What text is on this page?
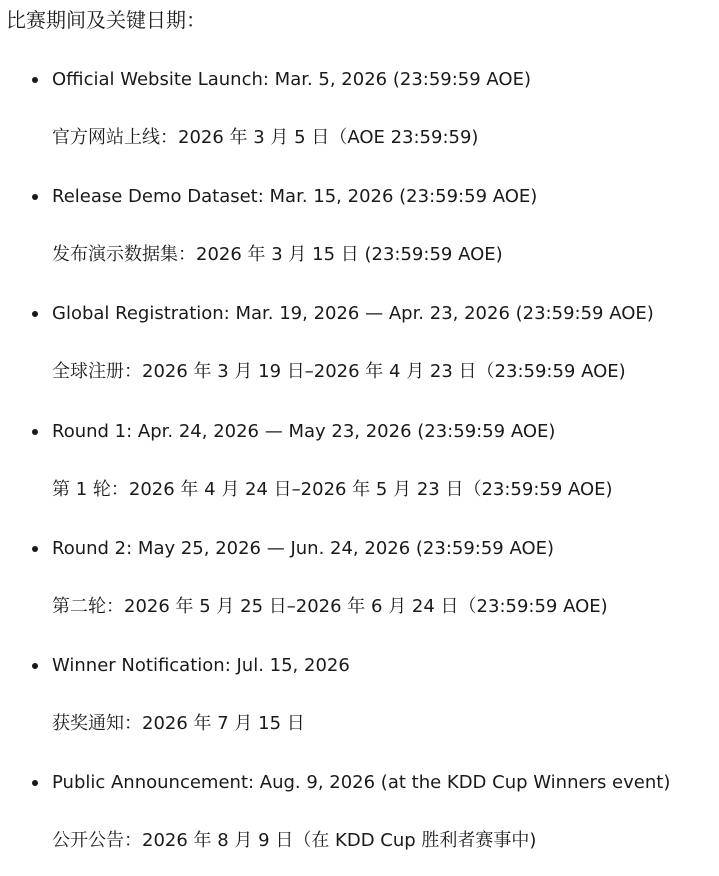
比赛期间及关键日期：
Official Website Launch: Mar. 5, 2026 (23:59:59 AOE)
官方网站上线：2026 年 3 月 5 日（AOE 23:59:59)
Release Demo Dataset: Mar. 15, 2026 (23:59:59 AOE)
发布演示数据集：2026 年 3 月 15 日 (23:59:59 AOE)
Global Registration: Mar. 19, 2026 — Apr. 23, 2026 (23:59:59 AOE)
全球注册：2026 年 3 月 19 日–2026 年 4 月 23 日（23:59:59 AOE)
Round 1: Apr. 24, 2026 — May 23, 2026 (23:59:59 AOE)
第 1 轮：2026 年 4 月 24 日–2026 年 5 月 23 日（23:59:59 AOE)
Round 2: May 25, 2026 — Jun. 24, 2026 (23:59:59 AOE)
第二轮：2026 年 5 月 25 日–2026 年 6 月 24 日（23:59:59 AOE)
Winner Notification: Jul. 15, 2026
获奖通知：2026 年 7 月 15 日
Public Announcement: Aug. 9, 2026 (at the KDD Cup Winners event)
公开公告：2026 年 8 月 9 日（在 KDD Cup 胜利者赛事中)
